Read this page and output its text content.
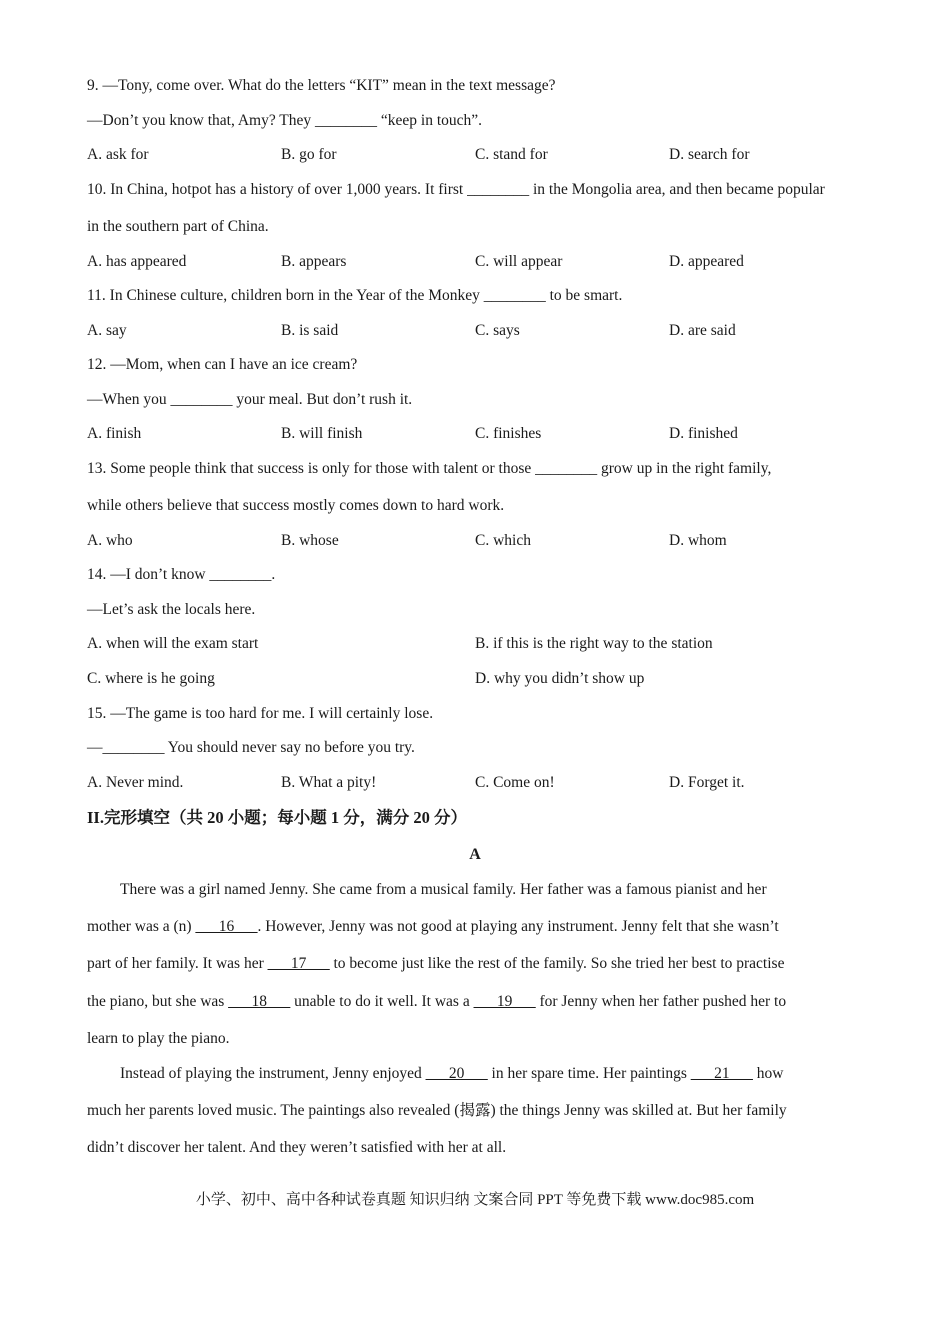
9. —Tony, come over. What do the letters “KIT” mean in the text message?
—Don’t you know that, Amy? They ________ “keep in touch”.
A. ask for	B. go for	C. stand for	D. search for
10. In China, hotpot has a history of over 1,000 years. It first ________ in the Mongolia area, and then became popular
in the southern part of China.
A. has appeared	B. appears	C. will appear	D. appeared
11. In Chinese culture, children born in the Year of the Monkey ________ to be smart.
A. say	B. is said	C. says	D. are said
12. —Mom, when can I have an ice cream?
—When you ________ your meal. But don’t rush it.
A. finish	B. will finish	C. finishes	D. finished
13. Some people think that success is only for those with talent or those ________ grow up in the right family,
while others believe that success mostly comes down to hard work.
A. who	B. whose	C. which	D. whom
14. —I don’t know ________.
—Let’s ask the locals here.
A. when will the exam start	B. if this is the right way to the station
C. where is he going	D. why you didn’t show up
15. —The game is too hard for me. I will certainly lose.
—________ You should never say no before you try.
A. Never mind.	B. What a pity!	C. Come on!	D. Forget it.
II.完形填空（共 20 小题；每小题 1 分，满分 20 分）
A
There was a girl named Jenny. She came from a musical family. Her father was a famous pianist and her
mother was a (n) ___16___. However, Jenny was not good at playing any instrument. Jenny felt that she wasn’t
part of her family. It was her ___17___ to become just like the rest of the family. So she tried her best to practise
the piano, but she was ___18___ unable to do it well. It was a ___19___ for Jenny when her father pushed her to
learn to play the piano.
Instead of playing the instrument, Jenny enjoyed ___20___ in her spare time. Her paintings ___21___ how
much her parents loved music. The paintings also revealed (揭露) the things Jenny was skilled at. But her family
didn’t discover her talent. And they weren’t satisfied with her at all.
小学、初中、高中各种试卷真题 知识归纳 文案合同 PPT 等免费下载 www.doc985.com
